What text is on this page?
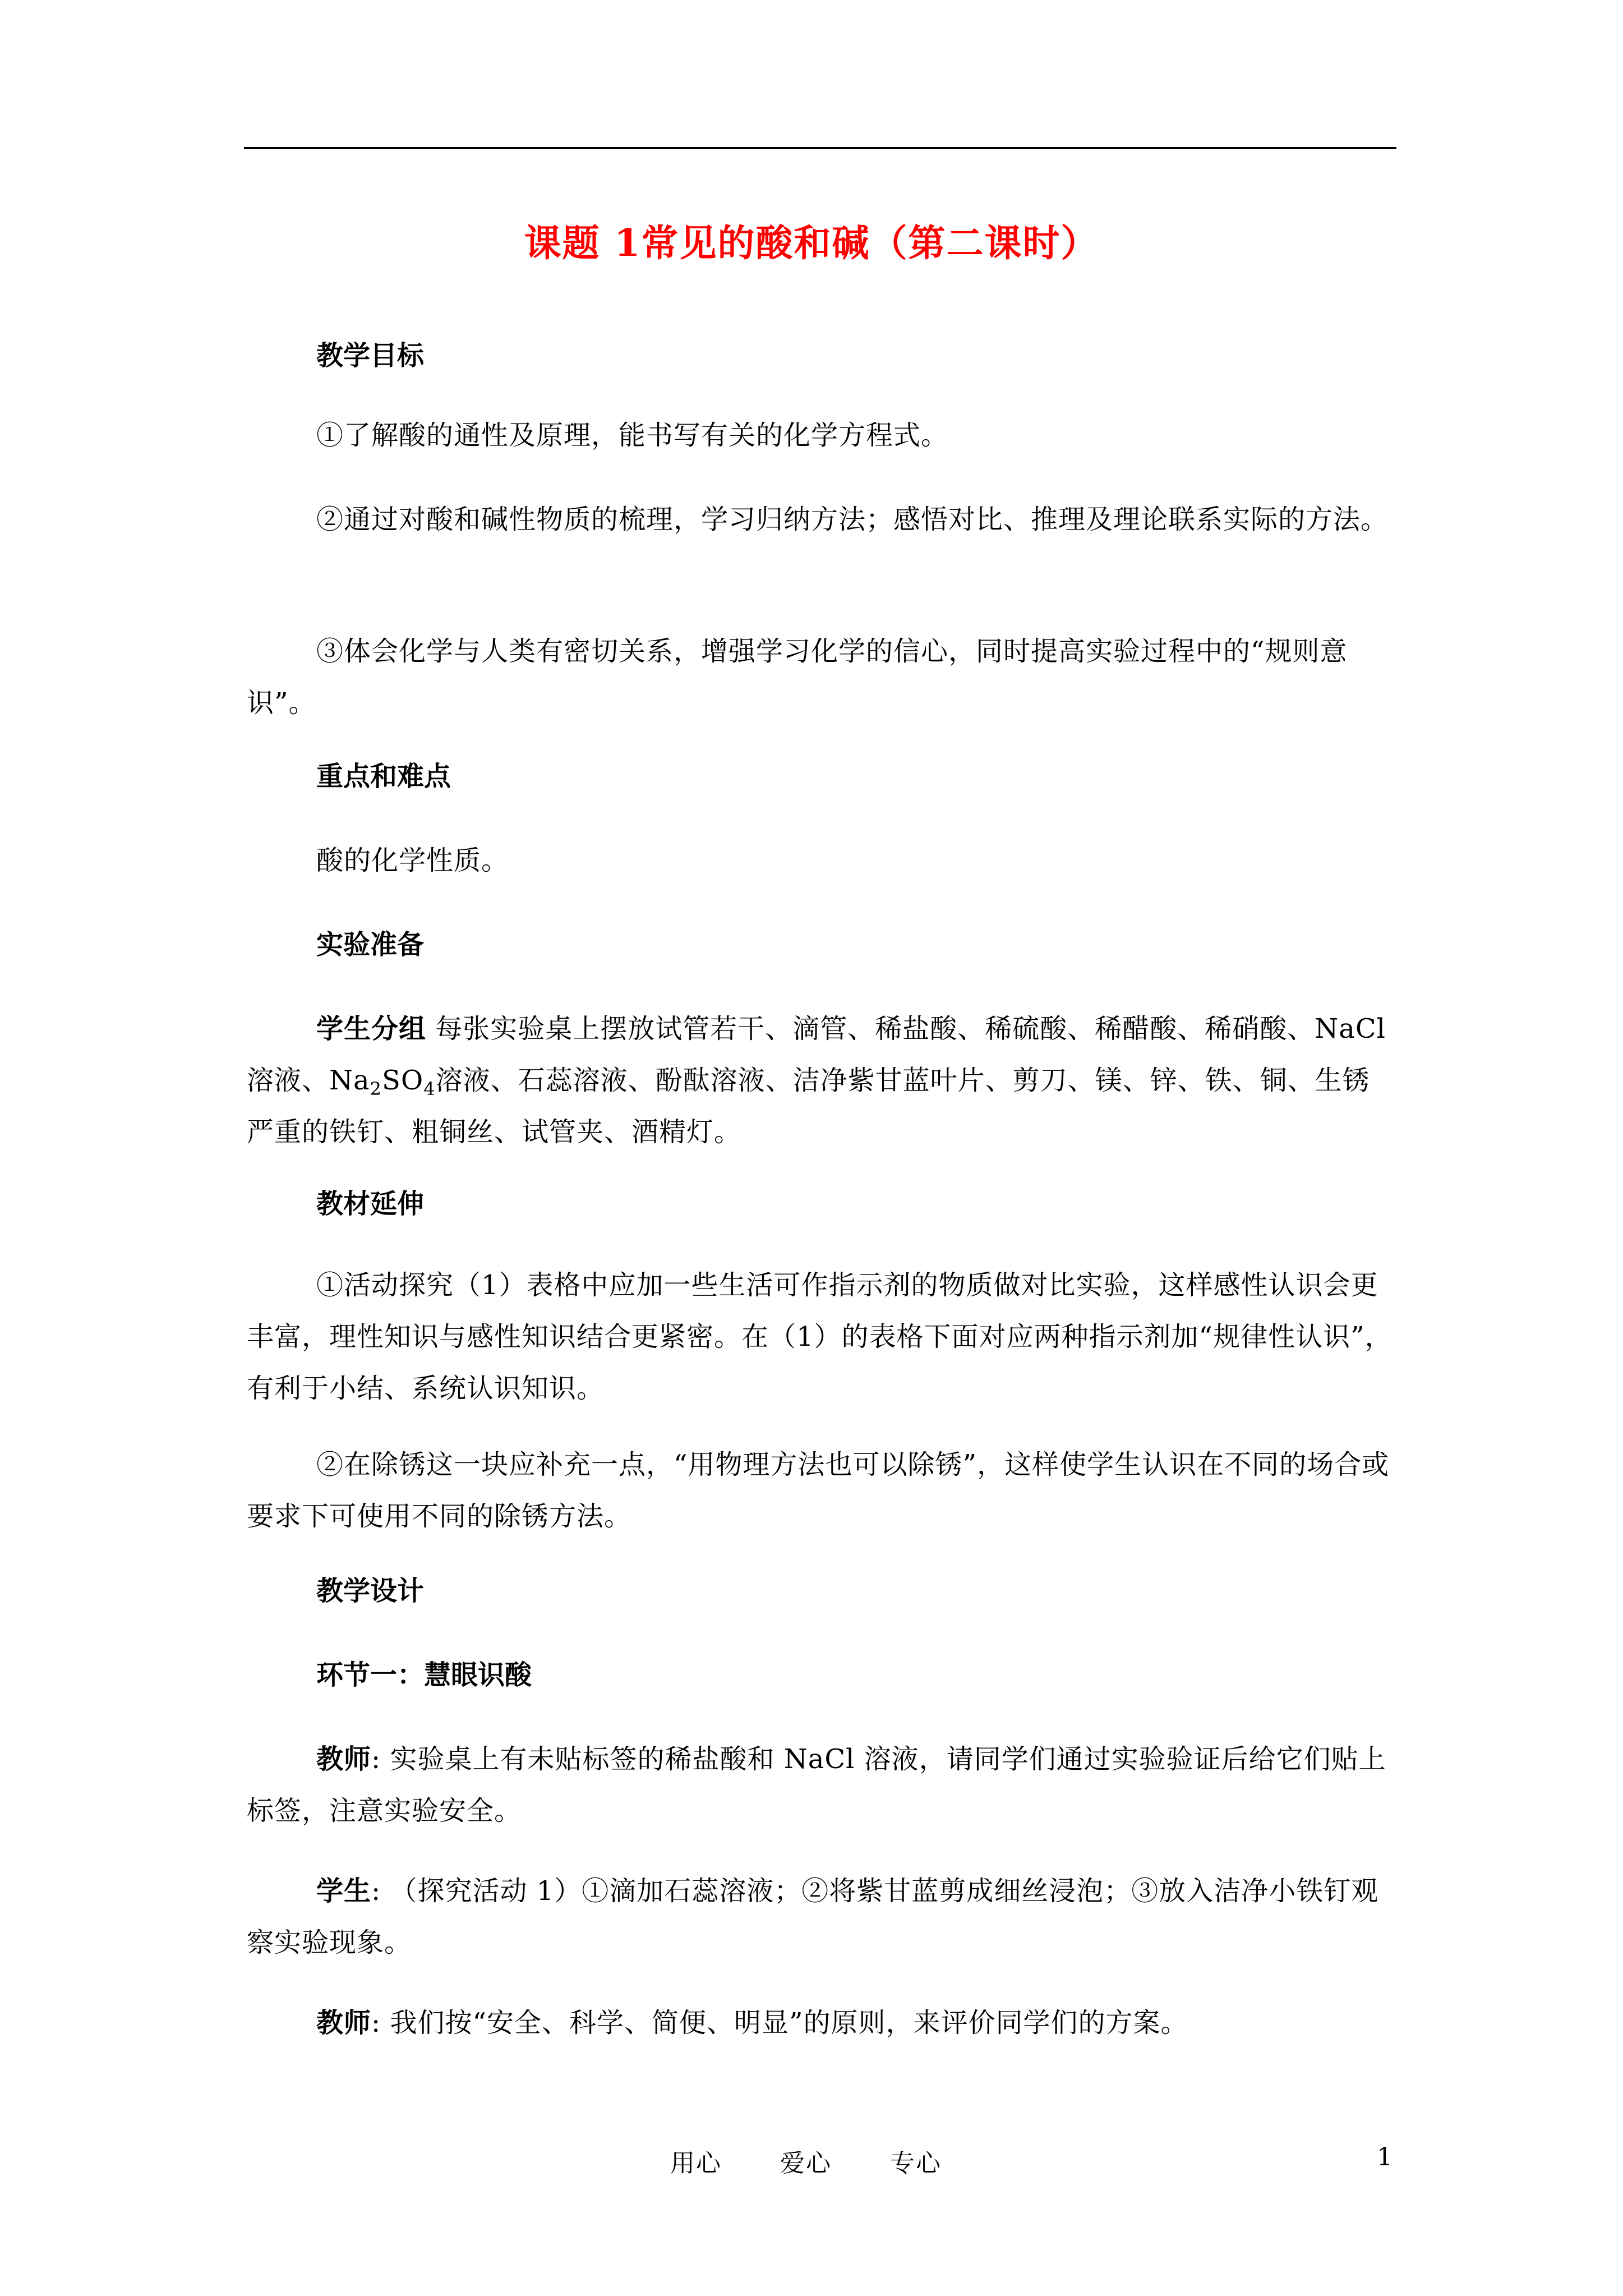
课题 1常见的酸和碱（第二课时）
教学目标
①了解酸的通性及原理，能书写有关的化学方程式。
②通过对酸和碱性物质的梳理，学习归纳方法；感悟对比、推理及理论联系实际的方法。
③体会化学与人类有密切关系，增强学习化学的信心，同时提高实验过程中的“规则意识”。
重点和难点
酸的化学性质。
实验准备
学生分组 每张实验桌上摆放试管若干、滴管、稀盐酸、稀硫酸、稀醋酸、稀硝酸、NaCl溶液、$Na_2SO_4$溶液、石蕊溶液、酚酞溶液、洁净紫甘蓝叶片、剪刀、镁、锌、铁、铜、生锈严重的铁钉、粗铜丝、试管夹、酒精灯。
教材延伸
①活动探究（1）表格中应加一些生活可作指示剂的物质做对比实验，这样感性认识会更丰富，理性知识与感性知识结合更紧密。在（1）的表格下面对应两种指示剂加“规律性认识”，有利于小结、系统认识知识。
②在除锈这一块应补充一点，“用物理方法也可以除锈”，这样使学生认识在不同的场合或要求下可使用不同的除锈方法。
教学设计
环节一：慧眼识酸
教师: 实验桌上有未贴标签的稀盐酸和 NaCl 溶液，请同学们通过实验验证后给它们贴上标签，注意实验安全。
学生: （探究活动 1）①滴加石蕊溶液；②将紫甘蓝剪成细丝浸泡；③放入洁净小铁钉观察实验现象。
教师: 我们按“安全、科学、简便、明显”的原则，来评价同学们的方案。
用心 爱心 专心	1
